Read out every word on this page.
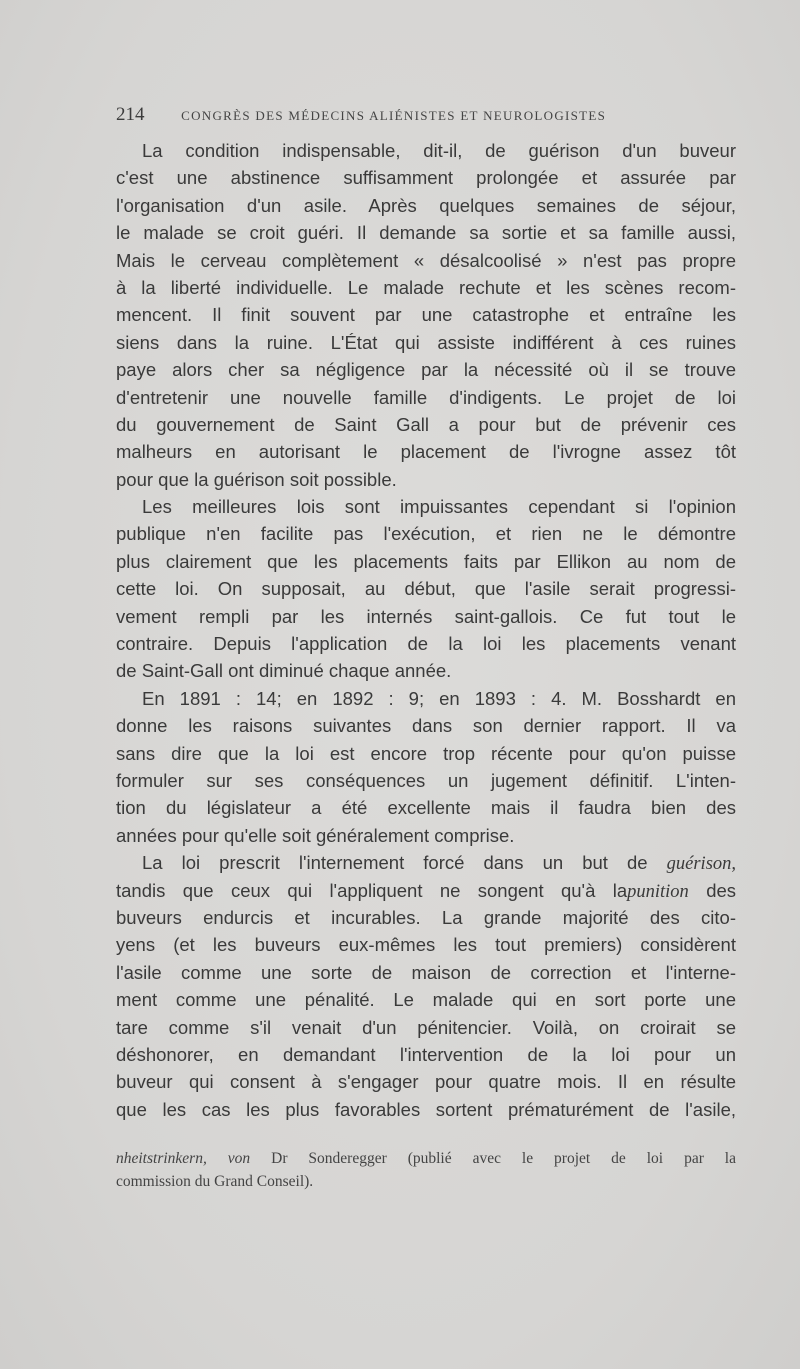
214	CONGRÈS DES MÉDECINS ALIÉNISTES ET NEUROLOGISTES
La condition indispensable, dit-il, de guérison d'un buveur
c'est une abstinence suffisamment prolongée et assurée par
l'organisation d'un asile. Après quelques semaines de séjour,
le malade se croit guéri. Il demande sa sortie et sa famille aussi,
Mais le cerveau complètement « désalcoolisé » n'est pas propre
à la liberté individuelle. Le malade rechute et les scènes recom-
mencent. Il finit souvent par une catastrophe et entraîne les
siens dans la ruine. L'État qui assiste indifférent à ces ruines
paye alors cher sa négligence par la nécessité où il se trouve
d'entretenir une nouvelle famille d'indigents. Le projet de loi
du gouvernement de Saint Gall a pour but de prévenir ces
malheurs en autorisant le placement de l'ivrogne assez tôt
pour que la guérison soit possible.
Les meilleures lois sont impuissantes cependant si l'opinion
publique n'en facilite pas l'exécution, et rien ne le démontre
plus clairement que les placements faits par Ellikon au nom de
cette loi. On supposait, au début, que l'asile serait progressi-
vement rempli par les internés saint-gallois. Ce fut tout le
contraire. Depuis l'application de la loi les placements venant
de Saint-Gall ont diminué chaque année.
En 1891 : 14; en 1892 : 9; en 1893 : 4. M. Bosshardt en
donne les raisons suivantes dans son dernier rapport. Il va
sans dire que la loi est encore trop récente pour qu'on puisse
formuler sur ses conséquences un jugement définitif. L'inten-
tion du législateur a été excellente mais il faudra bien des
années pour qu'elle soit généralement comprise.
La loi prescrit l'internement forcé dans un but de guérison,
tandis que ceux qui l'appliquent ne songent qu'à lapunition des
buveurs endurcis et incurables. La grande majorité des cito-
yens (et les buveurs eux-mêmes les tout premiers) considèrent
l'asile comme une sorte de maison de correction et l'interne-
ment comme une pénalité. Le malade qui en sort porte une
tare comme s'il venait d'un pénitencier. Voilà, on croirait se
déshonorer, en demandant l'intervention de la loi pour un
buveur qui consent à s'engager pour quatre mois. Il en résulte
que les cas les plus favorables sortent prématurément de l'asile,
nheitstrinkern, von Dr Sonderegger (publié avec le projet de loi par la
commission du Grand Conseil).
